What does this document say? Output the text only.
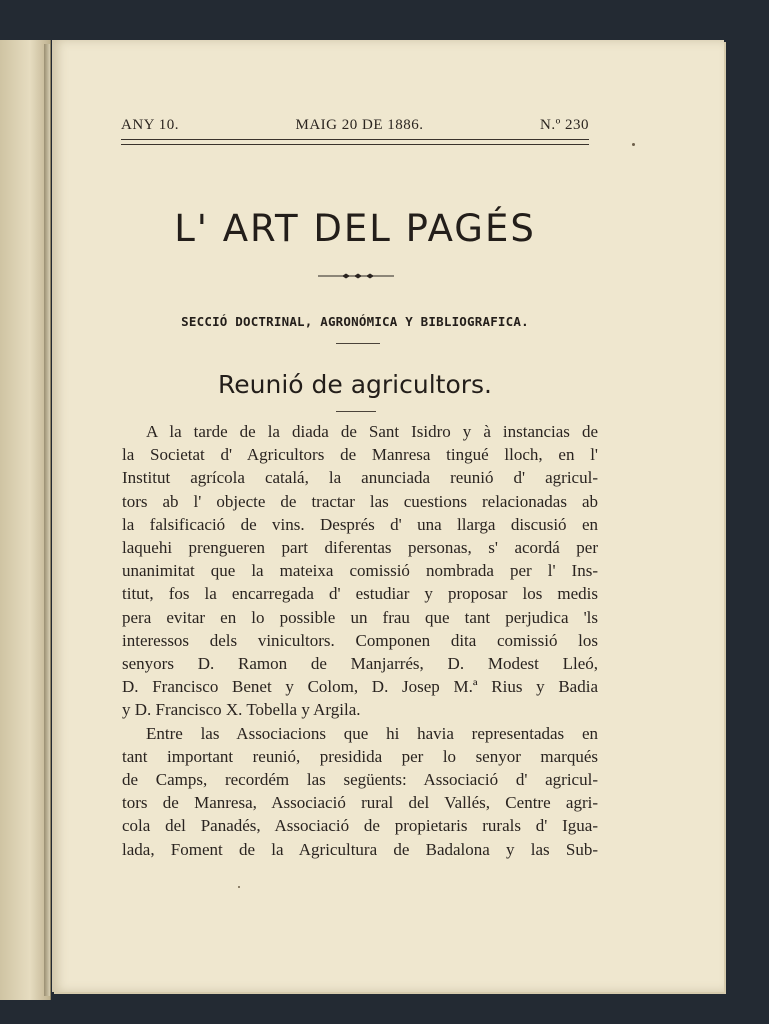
ANY 10.	MAIG 20 DE 1886.	N.º 230
L' ART DEL PAGÉS
SECCIÓ DOCTRINAL, AGRONÓMICA Y BIBLIOGRAFICA.
Reunió de agricultors.

A la tarde de la diada de Sant Isidro y à instancias de
la Societat d' Agricultors de Manresa tingué lloch, en l'
Institut agrícola catalá, la anunciada reunió d' agricul-
tors ab l' objecte de tractar las cuestions relacionadas ab
la falsificació de vins. Després d' una llarga discusió en
laquehi prengueren part diferentas personas, s' acordá per
unanimitat que la mateixa comissió nombrada per l' Ins-
titut, fos la encarregada d' estudiar y proposar los medis
pera evitar en lo possible un frau que tant perjudica 'ls
interessos dels vinicultors. Componen dita comissió los
senyors D. Ramon de Manjarrés, D. Modest Lleó,
D. Francisco Benet y Colom, D. Josep M.ª Rius y Badia
y D. Francisco X. Tobella y Argila.

Entre las Associacions que hi havia representadas en
tant important reunió, presidida per lo senyor marqués
de Camps, recordém las següents: Associació d' agricul-
tors de Manresa, Associació rural del Vallés, Centre agri-
cola del Panadés, Associació de propietaris rurals d' Igua-
lada, Foment de la Agricultura de Badalona y las Sub-
